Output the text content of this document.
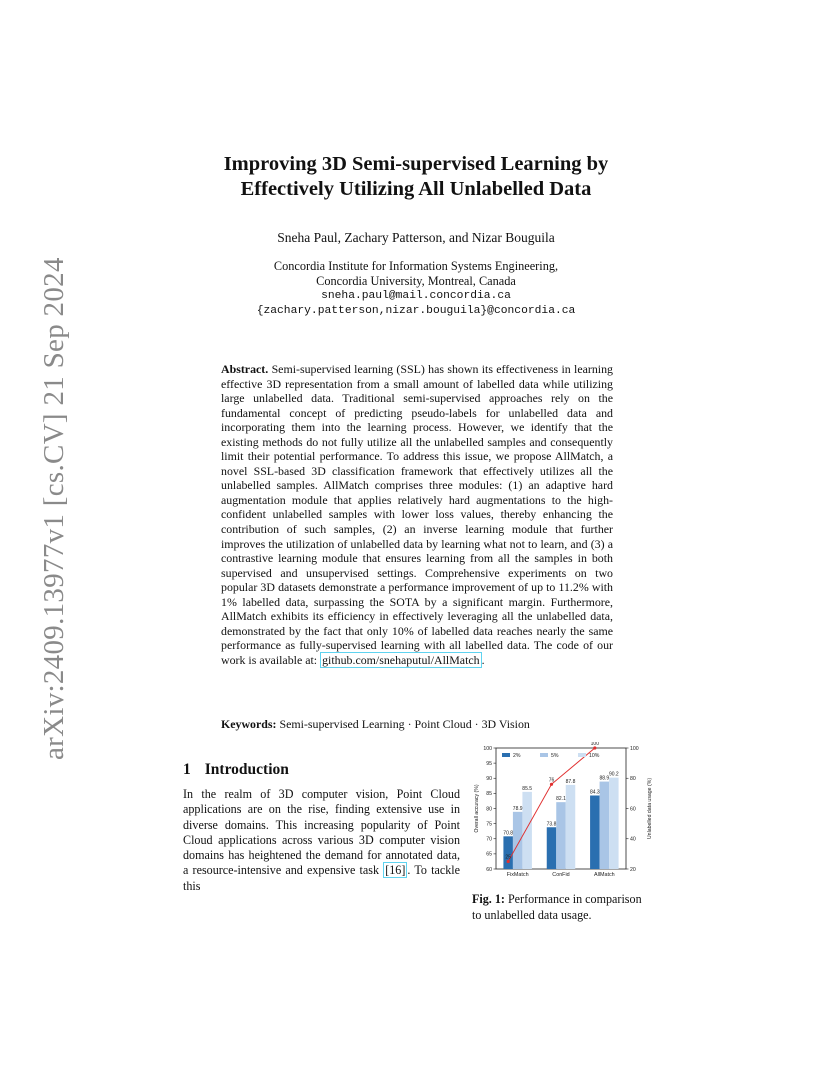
arXiv:2409.13977v1 [cs.CV] 21 Sep 2024
Improving 3D Semi-supervised Learning by
Effectively Utilizing All Unlabelled Data
Sneha Paul, Zachary Patterson, and Nizar Bouguila
Concordia Institute for Information Systems Engineering,
Concordia University, Montreal, Canada
sneha.paul@mail.concordia.ca
{zachary.patterson,nizar.bouguila}@concordia.ca
Abstract. Semi-supervised learning (SSL) has shown its effectiveness in learning effective 3D representation from a small amount of labelled data while utilizing large unlabelled data. Traditional semi-supervised approaches rely on the fundamental concept of predicting pseudo-labels for unlabelled data and incorporating them into the learning process. However, we identify that the existing methods do not fully utilize all the unlabelled samples and consequently limit their potential performance. To address this issue, we propose AllMatch, a novel SSL-based 3D classification framework that effectively utilizes all the unlabelled samples. AllMatch comprises three modules: (1) an adaptive hard augmentation module that applies relatively hard augmentations to the high-confident unlabelled samples with lower loss values, thereby enhancing the contribution of such samples, (2) an inverse learning module that further improves the utilization of unlabelled data by learning what not to learn, and (3) a contrastive learning module that ensures learning from all the samples in both supervised and unsupervised settings. Comprehensive experiments on two popular 3D datasets demonstrate a performance improvement of up to 11.2% with 1% labelled data, surpassing the SOTA by a significant margin. Furthermore, AllMatch exhibits its efficiency in effectively leveraging all the unlabelled data, demonstrated by the fact that only 10% of labelled data reaches nearly the same performance as fully-supervised learning with all labelled data. The code of our work is available at: github.com/snehaputul/AllMatch .
Keywords: Semi-supervised Learning · Point Cloud · 3D Vision
1 Introduction
In the realm of 3D computer vision, Point Cloud applications are on the rise, finding extensive use in diverse domains. This increasing popularity of Point Cloud applications across various 3D computer vision domains has heightened the demand for annotated data, a resource-intensive and expensive task [16] . To tackle this
60
65
70
75
80
85
90
95
100
20
40
60
80
100
Overall accuracy (%)	Unlabelled data usage (%)
FixMatch
70.8
78.9
85.5
ConFid
73.8
82.1
87.8
AllMatch
84.3
88.9
90.2
25
76
100
2%	5%	10%
Fig. 1: Performance in comparison to unlabelled data usage.
